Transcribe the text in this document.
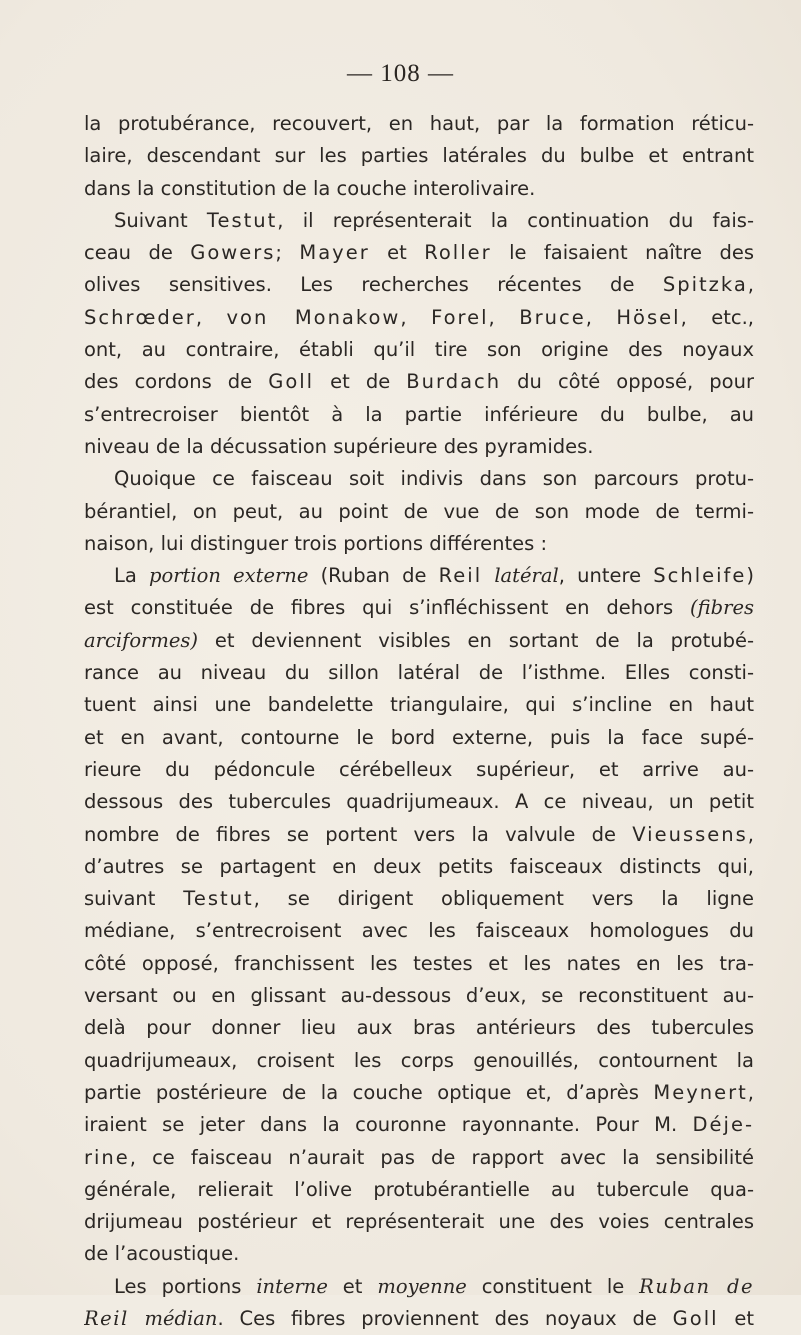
— 108 —
la protubérance, recouvert, en haut, par la formation réticu-
laire, descendant sur les parties latérales du bulbe et entrant
dans la constitution de la couche interolivaire.
Suivant Testut, il représenterait la continuation du fais-
ceau de Gowers; Mayer et Roller le faisaient naître des
olives sensitives. Les recherches récentes de Spitzka,
Schrœder, von Monakow, Forel, Bruce, Hösel, etc.,
ont, au contraire, établi qu’il tire son origine des noyaux
des cordons de Goll et de Burdach du côté opposé, pour
s’entrecroiser bientôt à la partie inférieure du bulbe, au
niveau de la décussation supérieure des pyramides.
Quoique ce faisceau soit indivis dans son parcours protu-
bérantiel, on peut, au point de vue de son mode de termi-
naison, lui distinguer trois portions différentes :
La portion externe (Ruban de Reil latéral, untere Schleife)
est constituée de fibres qui s’infléchissent en dehors (fibres
arciformes) et deviennent visibles en sortant de la protubé-
rance au niveau du sillon latéral de l’isthme. Elles consti-
tuent ainsi une bandelette triangulaire, qui s’incline en haut
et en avant, contourne le bord externe, puis la face supé-
rieure du pédoncule cérébelleux supérieur, et arrive au-
dessous des tubercules quadrijumeaux. A ce niveau, un petit
nombre de fibres se portent vers la valvule de Vieussens,
d’autres se partagent en deux petits faisceaux distincts qui,
suivant Testut, se dirigent obliquement vers la ligne
médiane, s’entrecroisent avec les faisceaux homologues du
côté opposé, franchissent les testes et les nates en les tra-
versant ou en glissant au-dessous d’eux, se reconstituent au-
delà pour donner lieu aux bras antérieurs des tubercules
quadrijumeaux, croisent les corps genouillés, contournent la
partie postérieure de la couche optique et, d’après Meynert,
iraient se jeter dans la couronne rayonnante. Pour M. Déje-
rine, ce faisceau n’aurait pas de rapport avec la sensibilité
générale, relierait l’olive protubérantielle au tubercule qua-
drijumeau postérieur et représenterait une des voies centrales
de l’acoustique.
Les portions interne et moyenne constituent le Ruban de
Reil médian. Ces fibres proviennent des noyaux de Goll et
